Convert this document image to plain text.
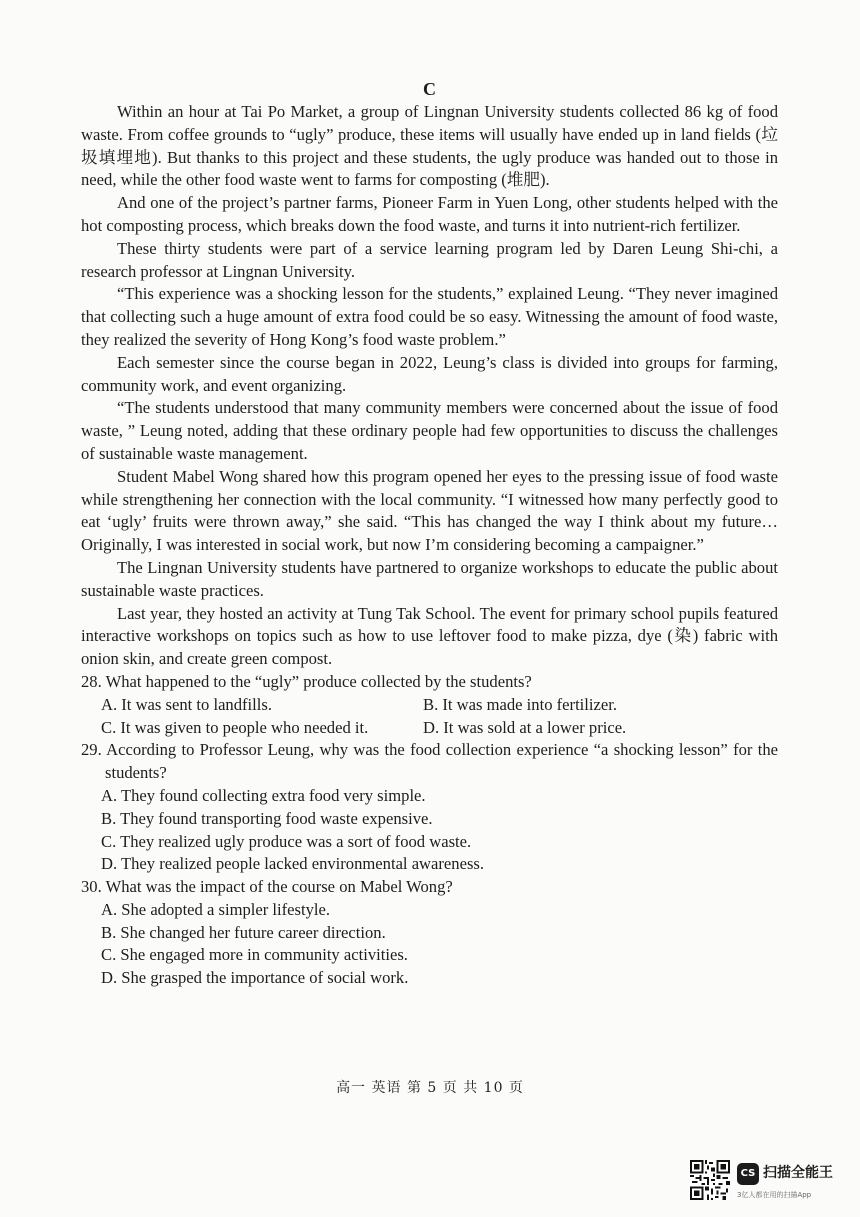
C

Within an hour at Tai Po Market, a group of Lingnan University students collected 86 kg of food waste. From coffee grounds to “ugly” produce, these items will usually have ended up in land fields (垃圾填埋地). But thanks to this project and these students, the ugly produce was handed out to those in need, while the other food waste went to farms for composting (堆肥).

And one of the project’s partner farms, Pioneer Farm in Yuen Long, other students helped with the hot composting process, which breaks down the food waste, and turns it into nutrient-rich fertilizer.

These thirty students were part of a service learning program led by Daren Leung Shi-chi, a research professor at Lingnan University.

“This experience was a shocking lesson for the students,” explained Leung. “They never imagined that collecting such a huge amount of extra food could be so easy. Witnessing the amount of food waste, they realized the severity of Hong Kong’s food waste problem.”

Each semester since the course began in 2022, Leung’s class is divided into groups for farming, community work, and event organizing.

“The students understood that many community members were concerned about the issue of food waste, ” Leung noted, adding that these ordinary people had few opportunities to discuss the challenges of sustainable waste management.

Student Mabel Wong shared how this program opened her eyes to the pressing issue of food waste while strengthening her connection with the local community. “I witnessed how many perfectly good to eat ‘ugly’ fruits were thrown away,” she said. “This has changed the way I think about my future…Originally, I was interested in social work, but now I’m considering becoming a campaigner.”

The Lingnan University students have partnered to organize workshops to educate the public about sustainable waste practices.

Last year, they hosted an activity at Tung Tak School. The event for primary school pupils featured interactive workshops on topics such as how to use leftover food to make pizza, dye (染) fabric with onion skin, and create green compost.

28. What happened to the “ugly” produce collected by the students?

A. It was sent to landfills.	B. It was made into fertilizer.

C. It was given to people who needed it.	D. It was sold at a lower price.

29. According to Professor Leung, why was the food collection experience “a shocking lesson” for the students?

A. They found collecting extra food very simple.

B. They found transporting food waste expensive.

C. They realized ugly produce was a sort of food waste.

D. They realized people lacked environmental awareness.

30. What was the impact of the course on Mabel Wong?

A. She adopted a simpler lifestyle.

B. She changed her future career direction.

C. She engaged more in community activities.

D. She grasped the importance of social work.

高一 英语 第 5 页 共 10 页
CS 扫描全能王
3亿人都在用的扫描App
